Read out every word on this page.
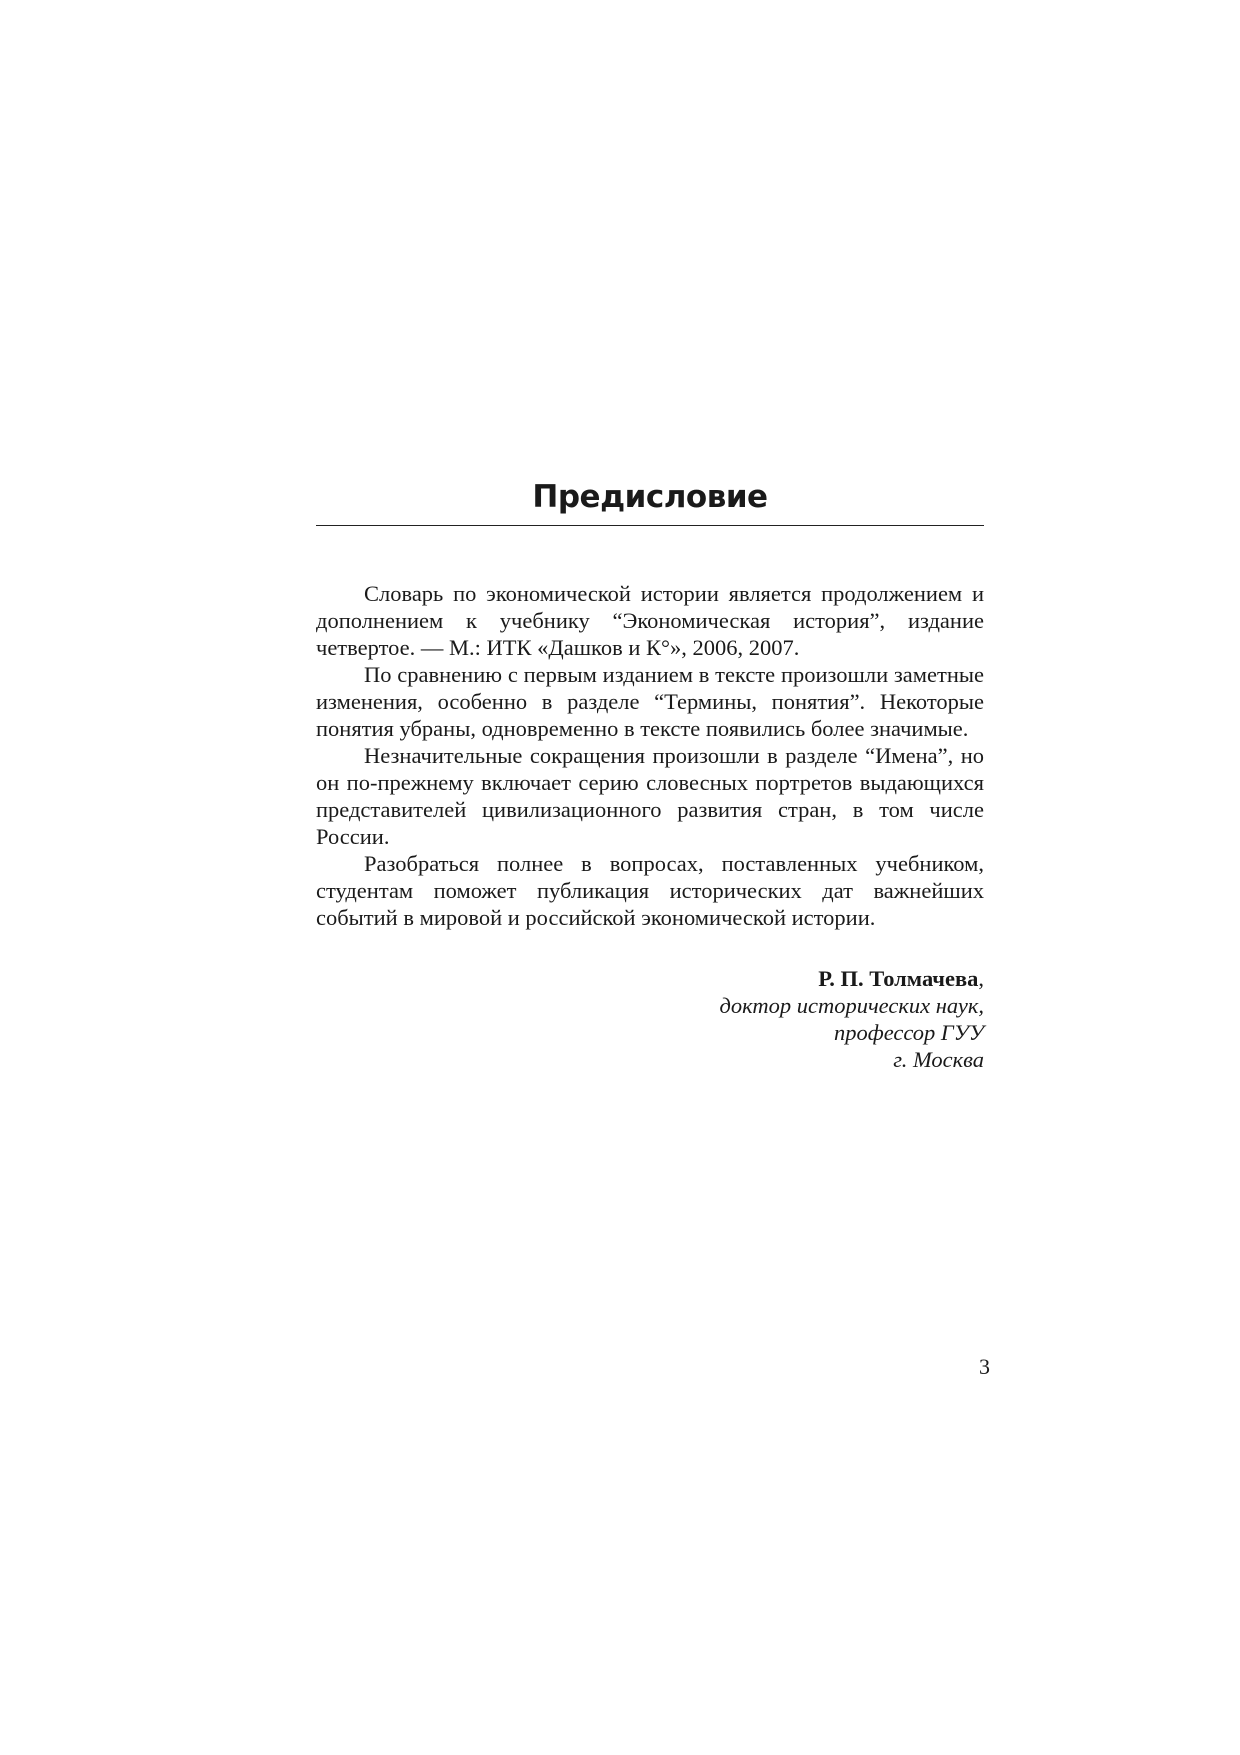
Предисловие

Словарь по экономической истории является продолжением и дополнением к учебнику “Экономическая история”, издание четвертое. — М.: ИТК «Дашков и К°», 2006, 2007.

По сравнению с первым изданием в тексте произошли заметные изменения, особенно в разделе “Термины, понятия”. Некоторые понятия убраны, одновременно в тексте появились более значимые.

Незначительные сокращения произошли в разделе “Имена”, но он по-прежнему включает серию словесных портретов выдающихся представителей цивилизационного развития стран, в том числе России.

Разобраться полнее в вопросах, поставленных учебником, студентам поможет публикация исторических дат важнейших событий в мировой и российской экономической истории.

Р. П. Толмачева,
доктор исторических наук,
профессор ГУУ
г. Москва
3
